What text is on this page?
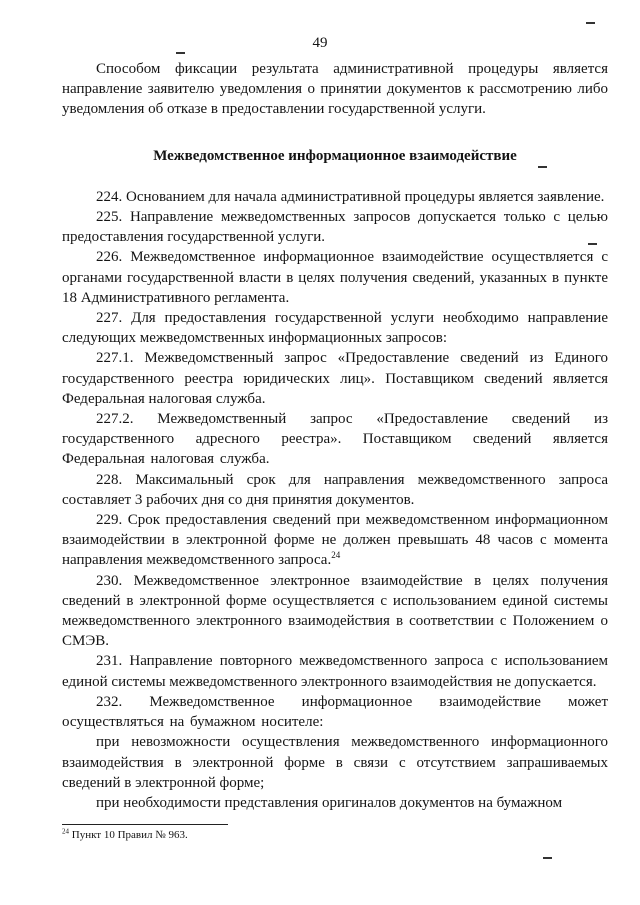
49

Способом фиксации результата административной процедуры является направление заявителю уведомления о принятии документов к рассмотрению либо уведомления об отказе в предоставлении государственной услуги.

Межведомственное информационное взаимодействие

224. Основанием для начала административной процедуры является заявление.

225. Направление межведомственных запросов допускается только с целью предоставления государственной услуги.

226. Межведомственное информационное взаимодействие осуществляется с органами государственной власти в целях получения сведений, указанных в пункте 18 Административного регламента.

227. Для предоставления государственной услуги необходимо направление следующих межведомственных информационных запросов:

227.1. Межведомственный запрос «Предоставление сведений из Единого государственного реестра юридических лиц». Поставщиком сведений является Федеральная налоговая служба.

227.2. Межведомственный запрос «Предоставление сведений из государственного адресного реестра». Поставщиком сведений является Федеральная налоговая служба.

228. Максимальный срок для направления межведомственного запроса составляет 3 рабочих дня со дня принятия документов.

229. Срок предоставления сведений при межведомственном информационном взаимодействии в электронной форме не должен превышать 48 часов с момента направления межведомственного запроса.$^{24}$

230. Межведомственное электронное взаимодействие в целях получения сведений в электронной форме осуществляется с использованием единой системы межведомственного электронного взаимодействия в соответствии с Положением о СМЭВ.

231. Направление повторного межведомственного запроса с использованием единой системы межведомственного электронного взаимодействия не допускается.

232. Межведомственное информационное взаимодействие может осуществляться на бумажном носителе:

при невозможности осуществления межведомственного информационного взаимодействия в электронной форме в связи с отсутствием запрашиваемых сведений в электронной форме;

при необходимости представления оригиналов документов на бумажном

$^{24}$ Пункт 10 Правил № 963.
